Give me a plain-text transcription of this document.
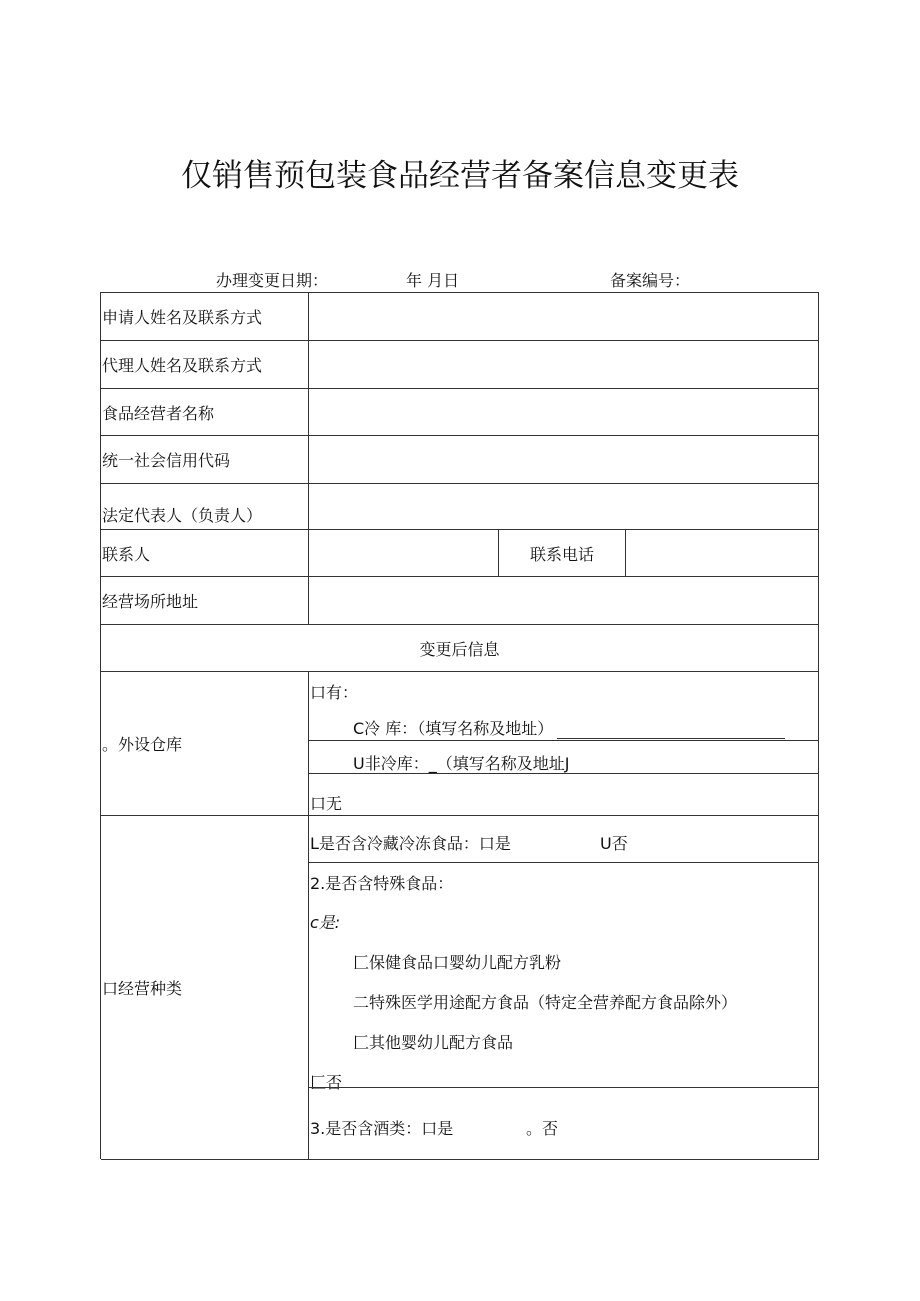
仅销售预包装食品经营者备案信息变更表
办理变更日期：	年 月日	备案编号：
申请人姓名及联系方式
代理人姓名及联系方式
食品经营者名称
统一社会信用代码
法定代表人（负责人）
联系人	联系电话
经营场所地址
变更后信息
。外设仓库
口有：
C冷 库：（填写名称及地址）
U非冷库：_（填写名称及地址J
口无
口经营种类
L是否含冷藏冷冻食品：口是	U否
2.是否含特殊食品：
c是:
匚保健食品口婴幼儿配方乳粉
二特殊医学用途配方食品（特定全营养配方食品除外）
匚其他婴幼儿配方食品
匚否
3.是否含酒类：口是	。否
